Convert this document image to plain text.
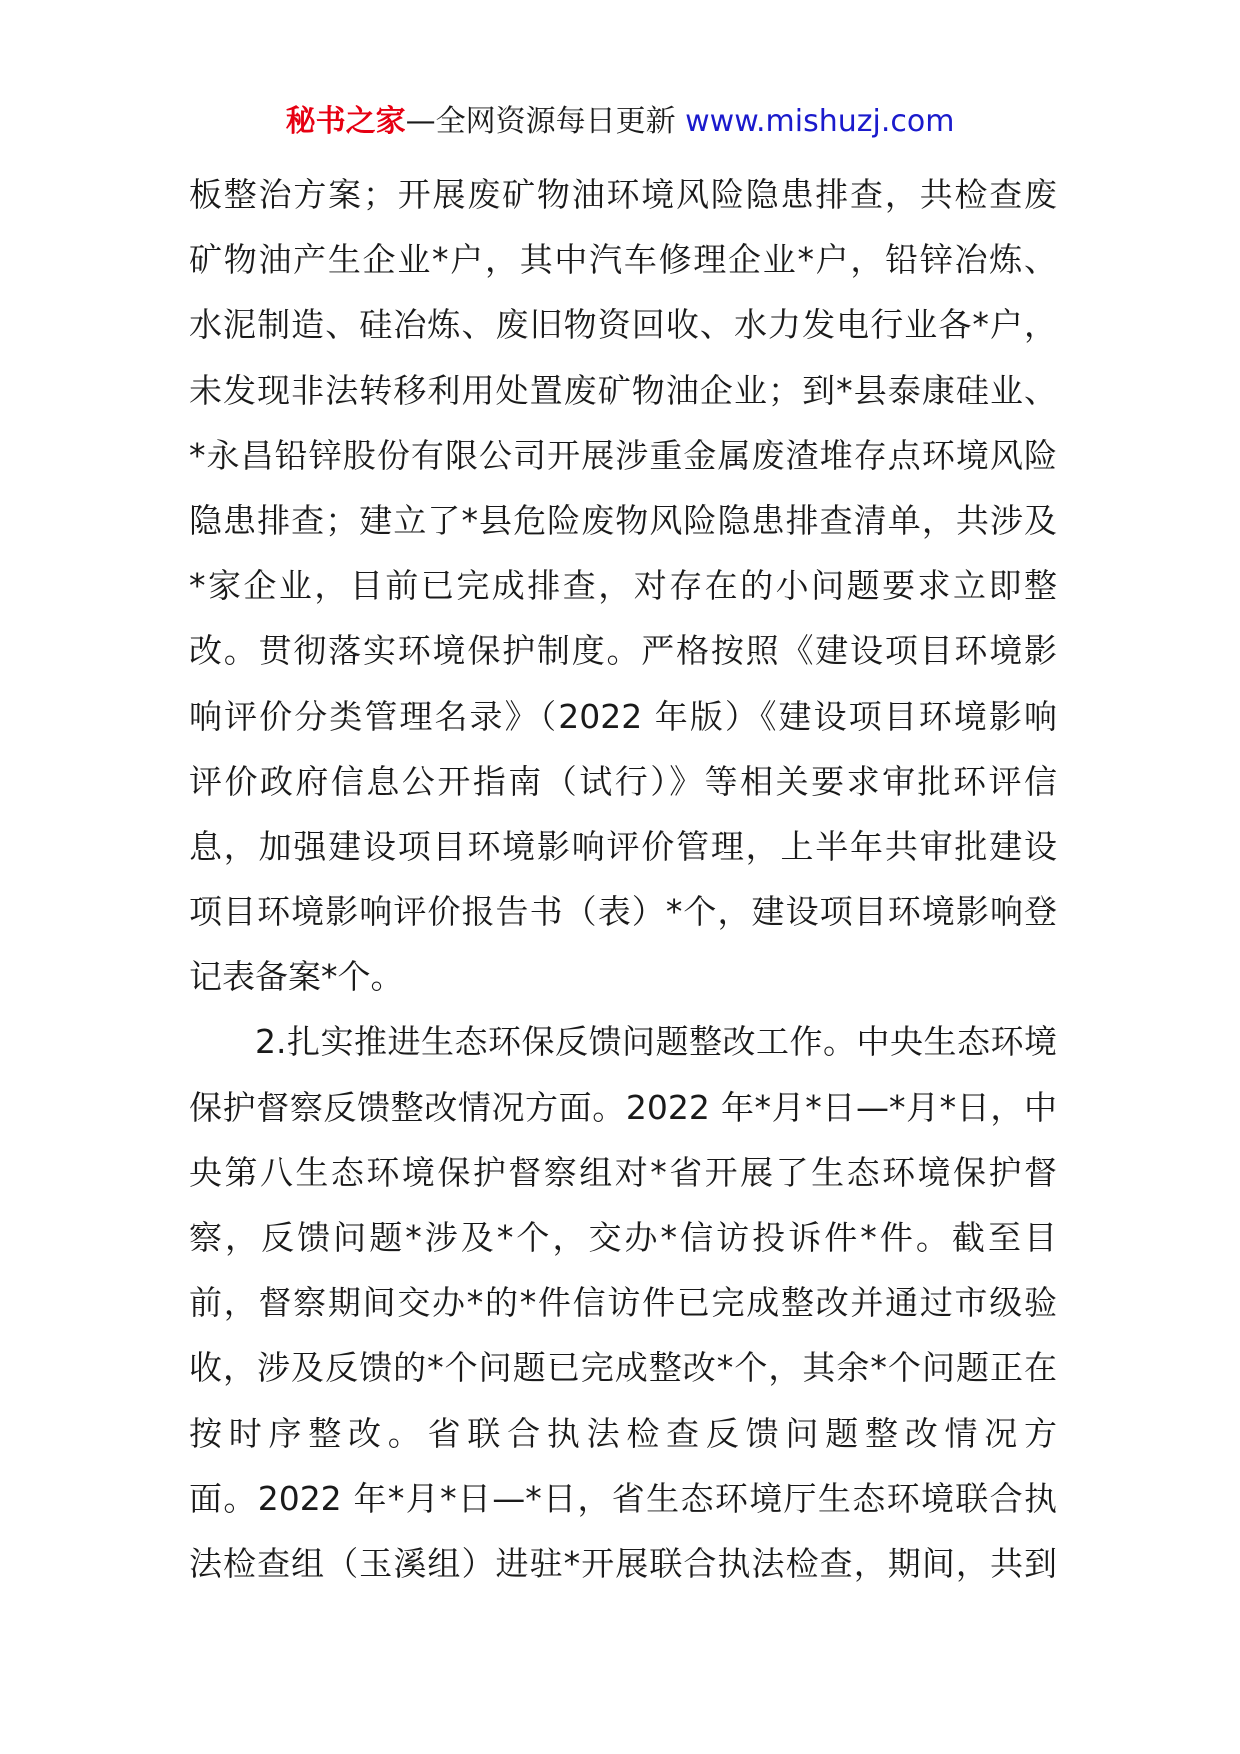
秘书之家—全网资源每日更新 www.mishuzj.com
板整治方案；开展废矿物油环境风险隐患排查，共检查废
矿物油产生企业*户，其中汽车修理企业*户，铅锌冶炼、
水泥制造、硅冶炼、废旧物资回收、水力发电行业各*户，
未发现非法转移利用处置废矿物油企业；到*县泰康硅业、
*永昌铅锌股份有限公司开展涉重金属废渣堆存点环境风险
隐患排查；建立了*县危险废物风险隐患排查清单，共涉及
*家企业，目前已完成排查，对存在的小问题要求立即整
改。贯彻落实环境保护制度。严格按照《建设项目环境影
响评价分类管理名录》（2022 年版）《建设项目环境影响
评价政府信息公开指南（试行）》等相关要求审批环评信
息，加强建设项目环境影响评价管理，上半年共审批建设
项目环境影响评价报告书（表）*个，建设项目环境影响登
记表备案*个。
2.扎实推进生态环保反馈问题整改工作。中央生态环境
保护督察反馈整改情况方面。2022 年*月*日—*月*日，中
央第八生态环境保护督察组对*省开展了生态环境保护督
察，反馈问题*涉及*个，交办*信访投诉件*件。截至目
前，督察期间交办*的*件信访件已完成整改并通过市级验
收，涉及反馈的*个问题已完成整改*个，其余*个问题正在
按时序整改。省联合执法检查反馈问题整改情况方
面。2022 年*月*日—*日，省生态环境厅生态环境联合执
法检查组（玉溪组）进驻*开展联合执法检查，期间，共到
